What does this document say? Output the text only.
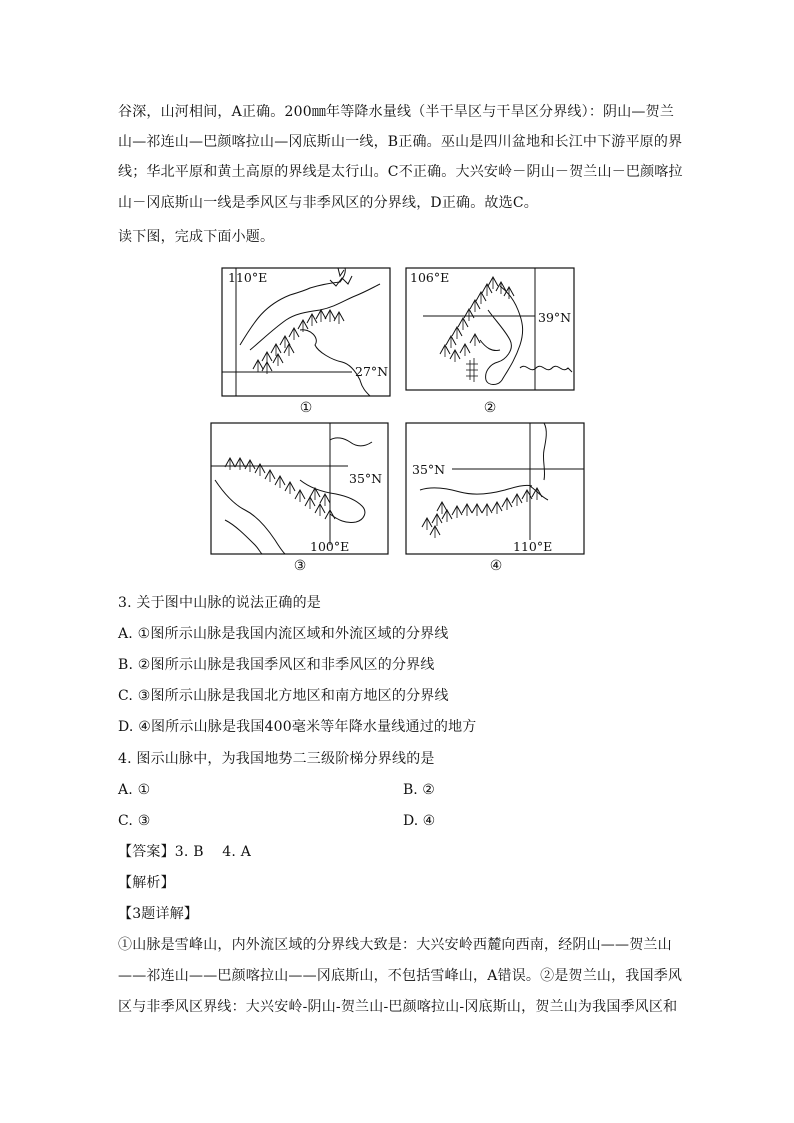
谷深，山河相间，A正确。200㎜年等降水量线（半干旱区与干旱区分界线）：阴山—贺兰
山—祁连山—巴颜喀拉山—冈底斯山一线，B正确。巫山是四川盆地和长江中下游平原的界
线；华北平原和黄土高原的界线是太行山。C不正确。大兴安岭－阴山－贺兰山－巴颜喀拉
山－冈底斯山一线是季风区与非季风区的分界线，D正确。故选C。
读下图，完成下面小题。
110°E
27°N
①
106°E
39°N
②
35°N
100°E
③
35°N
110°E
④
3. 关于图中山脉的说法正确的是
A. ①图所示山脉是我国内流区域和外流区域的分界线
B. ②图所示山脉是我国季风区和非季风区的分界线
C. ③图所示山脉是我国北方地区和南方地区的分界线
D. ④图所示山脉是我国400毫米等年降水量线通过的地方
4. 图示山脉中，为我国地势二三级阶梯分界线的是
A. ①	B. ②
C. ③	D. ④
【答案】3. B    4. A
【解析】
【3题详解】
①山脉是雪峰山，内外流区域的分界线大致是：大兴安岭西麓向西南，经阴山——贺兰山
——祁连山——巴颜喀拉山——冈底斯山，不包括雪峰山，A错误。②是贺兰山，我国季风
区与非季风区界线：大兴安岭-阴山-贺兰山-巴颜喀拉山-冈底斯山，贺兰山为我国季风区和
